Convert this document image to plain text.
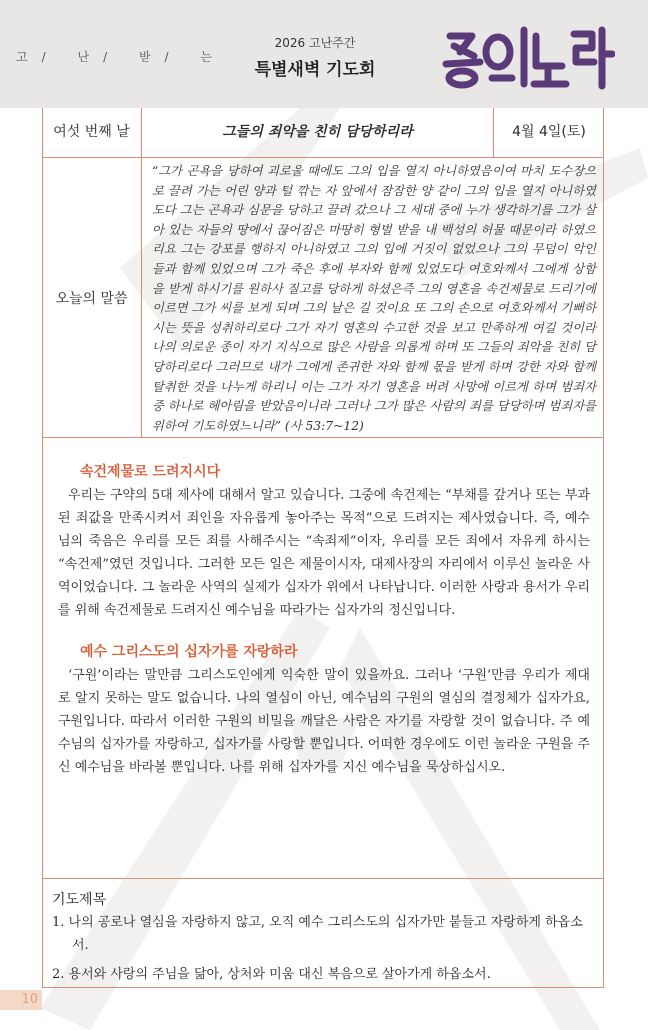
고 /	난 /	받 /	는
2026 고난주간
특별새벽 기도회
종의노래
여섯 번째 날	그들의 죄악을 친히 담당하리라	4월 4일(토)
오늘의 말씀
“그가 곤욕을 당하여 괴로울 때에도 그의 입을 열지 아니하였음이여 마치 도수장으로 끌려 가는 어린 양과 털 깎는 자 앞에서 잠잠한 양 같이 그의 입을 열지 아니하였도다 그는 곤욕과 심문을 당하고 끌려 갔으나 그 세대 중에 누가 생각하기를 그가 살아 있는 자들의 땅에서 끊어짐은 마땅히 형벌 받을 내 백성의 허물 때문이라 하였으리요 그는 강포를 행하지 아니하였고 그의 입에 거짓이 없었으나 그의 무덤이 악인들과 함께 있었으며 그가 죽은 후에 부자와 함께 있었도다 여호와께서 그에게 상함을 받게 하시기를 원하사 질고를 당하게 하셨은즉 그의 영혼을 속건제물로 드리기에 이르면 그가 씨를 보게 되며 그의 날은 길 것이요 또 그의 손으로 여호와께서 기뻐하시는 뜻을 성취하리로다 그가 자기 영혼의 수고한 것을 보고 만족하게 여길 것이라 나의 의로운 종이 자기 지식으로 많은 사람을 의롭게 하며 또 그들의 죄악을 친히 담당하리로다 그러므로 내가 그에게 존귀한 자와 함께 몫을 받게 하며 강한 자와 함께 탈취한 것을 나누게 하리니 이는 그가 자기 영혼을 버려 사망에 이르게 하며 범죄자 중 하나로 헤아림을 받았음이니라 그러나 그가 많은 사람의 죄를 담당하며 범죄자를 위하여 기도하였느니라” (사 53:7~12)
속건제물로 드려지시다
우리는 구약의 5대 제사에 대해서 알고 있습니다. 그중에 속건제는 “부채를 갚거나 또는 부과된 죄값을 만족시켜서 죄인을 자유롭게 놓아주는 목적”으로 드려지는 제사였습니다. 즉, 예수님의 죽음은 우리를 모든 죄를 사해주시는 “속죄제”이자, 우리를 모든 죄에서 자유케 하시는 “속건제”였던 것입니다. 그러한 모든 일은 제물이시자, 대제사장의 자리에서 이루신 놀라운 사역이었습니다. 그 놀라운 사역의 실제가 십자가 위에서 나타납니다. 이러한 사랑과 용서가 우리를 위해 속건제물로 드려지신 예수님을 따라가는 십자가의 정신입니다.
예수 그리스도의 십자가를 자랑하라
‘구원’이라는 말만큼 그리스도인에게 익숙한 말이 있을까요. 그러나 ‘구원’만큼 우리가 제대로 알지 못하는 말도 없습니다. 나의 열심이 아닌, 예수님의 구원의 열심의 결정체가 십자가요, 구원입니다. 따라서 이러한 구원의 비밀을 깨달은 사람은 자기를 자랑할 것이 없습니다. 주 예수님의 십자가를 자랑하고, 십자가를 사랑할 뿐입니다. 어떠한 경우에도 이런 놀라운 구원을 주신 예수님을 바라볼 뿐입니다. 나를 위해 십자가를 지신 예수님을 묵상하십시오.
기도제목
1. 나의 공로나 열심을 자랑하지 않고, 오직 예수 그리스도의 십자가만 붙들고 자랑하게 하옵소서.
2. 용서와 사랑의 주님을 닮아, 상처와 미움 대신 복음으로 살아가게 하옵소서.
10
